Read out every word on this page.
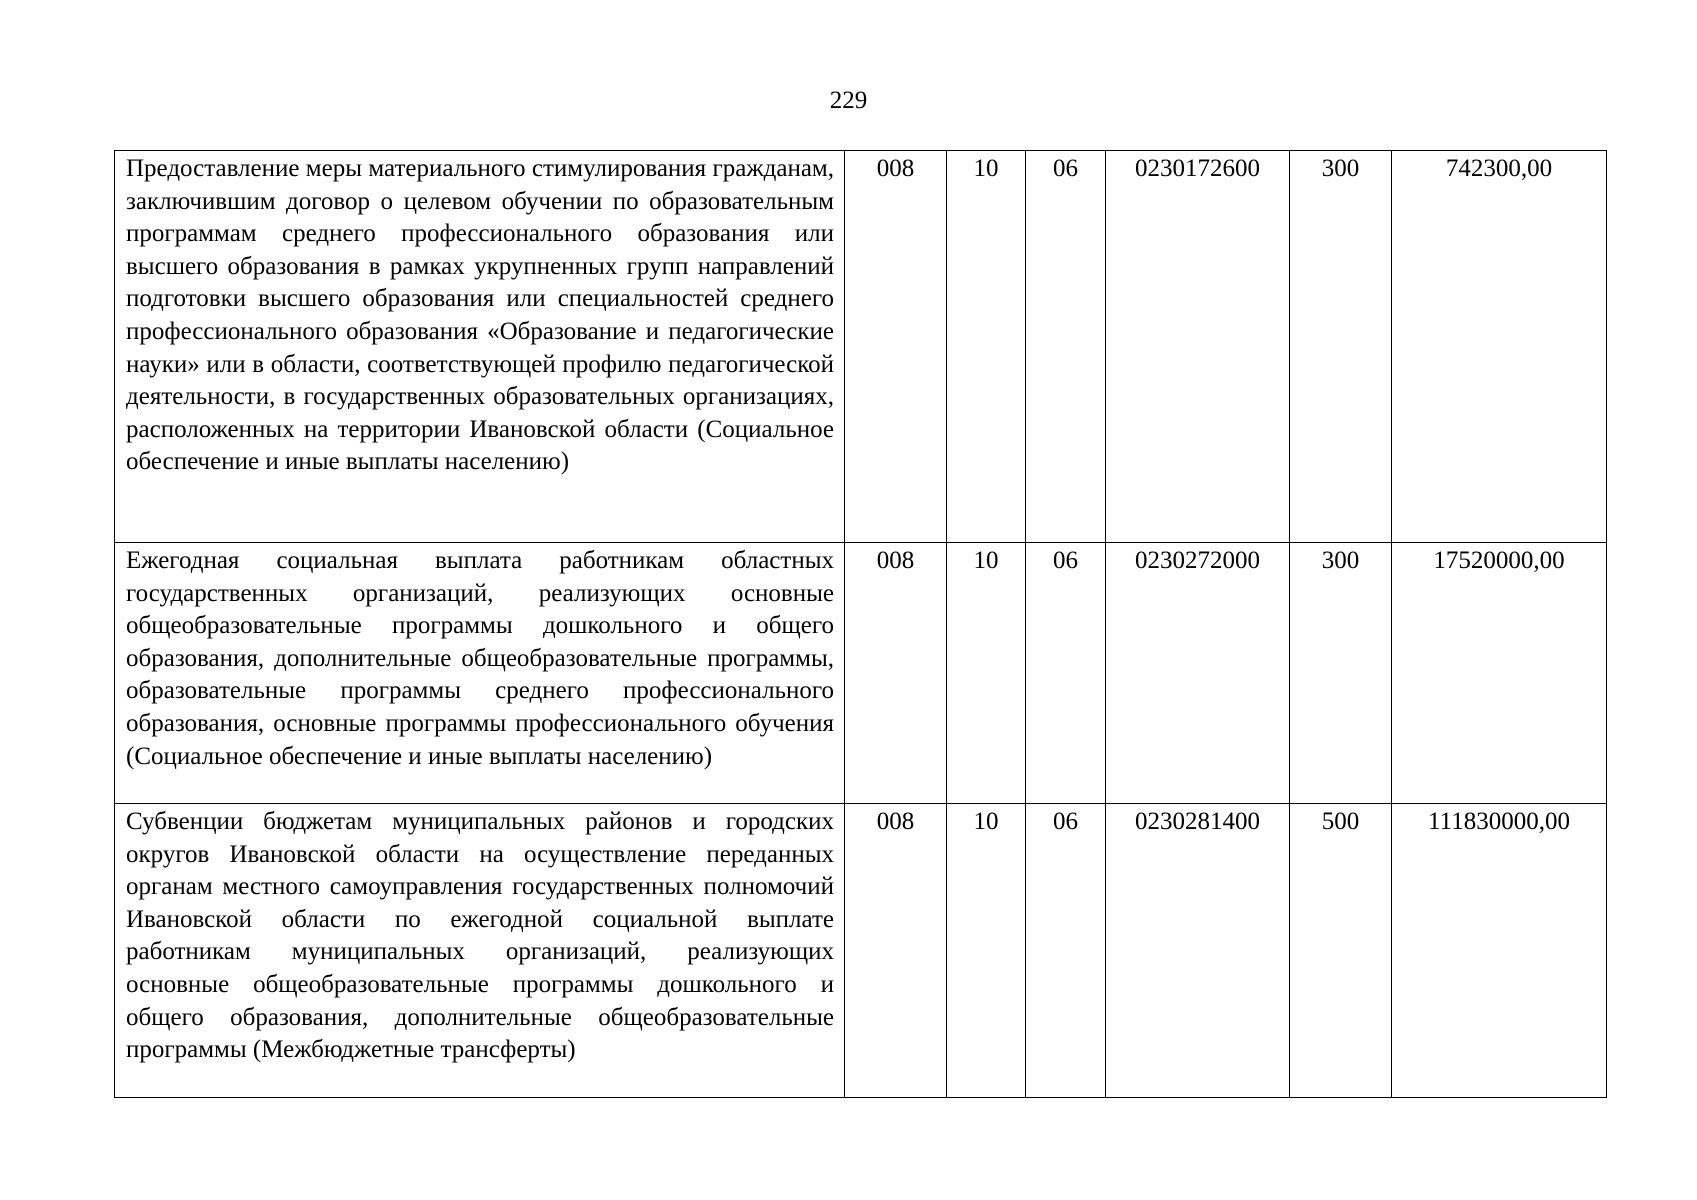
229
Предоставление меры материального стимулирования гражданам, заключившим договор о целевом обучении по образовательным программам среднего профессионального образования или высшего образования в рамках укрупненных групп направлений подготовки высшего образования или специальностей среднего профессионального образования «Образование и педагогические науки» или в области, соответствующей профилю педагогической деятельности, в государственных образовательных организациях, расположенных на территории Ивановской области (Социальное обеспечение и иные выплаты населению)	008	10	06	0230172600	300	742300,00
Ежегодная социальная выплата работникам областных государственных организаций, реализующих основные общеобразовательные программы дошкольного и общего образования, дополнительные общеобразовательные программы, образовательные программы среднего профессионального образования, основные программы профессионального обучения (Социальное обеспечение и иные выплаты населению)	008	10	06	0230272000	300	17520000,00
Субвенции бюджетам муниципальных районов и городских округов Ивановской области на осуществление переданных органам местного самоуправления государственных полномочий Ивановской области по ежегодной социальной выплате работникам муниципальных организаций, реализующих основные общеобразовательные программы дошкольного и общего образования, дополнительные общеобразовательные программы (Межбюджетные трансферты)	008	10	06	0230281400	500	111830000,00
